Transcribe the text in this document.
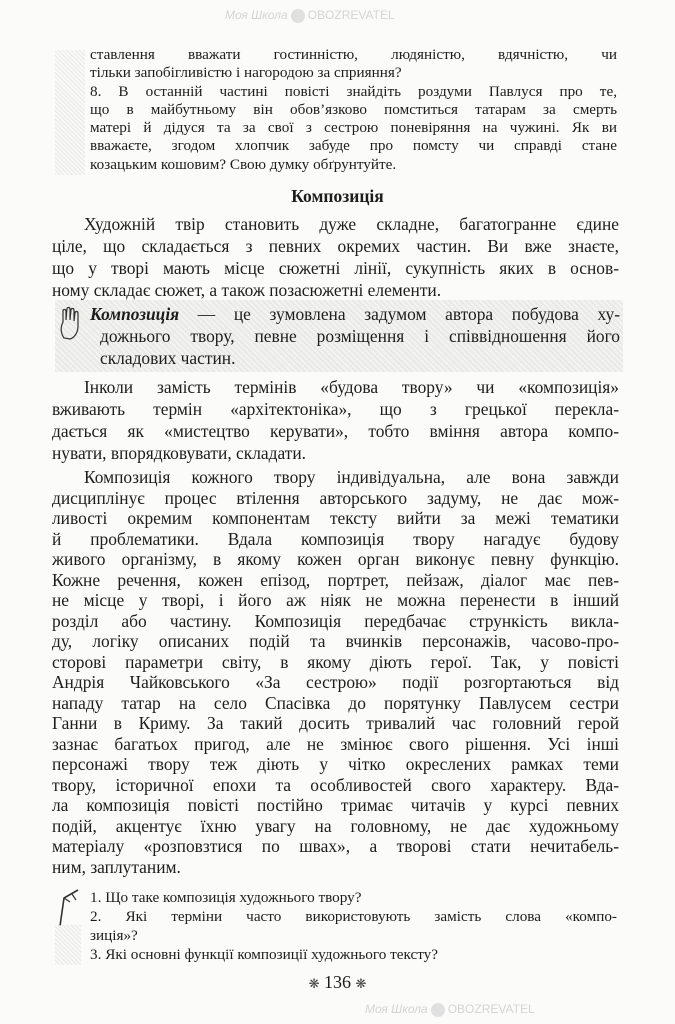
Моя Школа OBOZREVATEL
Моя Школа OBOZREVATEL
ставлення вважати гостинністю, людяністю, вдячністю, чи
тільки запобігливістю і нагородою за сприяння?
8. В останній частині повісті знайдіть роздуми Павлуся про те,
що в майбутньому він обов’язково помститься татарам за смерть
матері й дідуся та за свої з сестрою поневіряння на чужині. Як ви
вважаєте, згодом хлопчик забуде про помсту чи справді стане
козацьким кошовим? Свою думку обґрунтуйте.
Композиція
Художній твір становить дуже складне, багатогранне єдине
ціле, що складається з певних окремих частин. Ви вже знаєте,
що у творі мають місце сюжетні лінії, сукупність яких в основ-
ному складає сюжет, а також позасюжетні елементи.
Композиція — це зумовлена задумом автора побудова ху-
дожнього твору, певне розміщення і співвідношення його
складових частин.
Інколи замість термінів «будова твору» чи «композиція»
вживають термін «архітектоніка», що з грецької перекла-
дається як «мистецтво керувати», тобто вміння автора компо-
нувати, впорядковувати, складати.
Композиція кожного твору індивідуальна, але вона завжди
дисциплінує процес втілення авторського задуму, не дає мож-
ливості окремим компонентам тексту вийти за межі тематики
й проблематики. Вдала композиція твору нагадує будову
живого організму, в якому кожен орган виконує певну функцію.
Кожне речення, кожен епізод, портрет, пейзаж, діалог має пев-
не місце у творі, і його аж ніяк не можна перенести в інший
розділ або частину. Композиція передбачає стрункість викла-
ду, логіку описаних подій та вчинків персонажів, часово-про-
сторові параметри світу, в якому діють герої. Так, у повісті
Андрія Чайковського «За сестрою» події розгортаються від
нападу татар на село Спасівка до порятунку Павлусем сестри
Ганни в Криму. За такий досить тривалий час головний герой
зазнає багатьох пригод, але не змінює свого рішення. Усі інші
персонажі твору теж діють у чітко окреслених рамках теми
твору, історичної епохи та особливостей свого характеру. Вда-
ла композиція повісті постійно тримає читачів у курсі певних
подій, акцентує їхню увагу на головному, не дає художньому
матеріалу «розповзтися по швах», а творові стати нечитабель-
ним, заплутаним.
1. Що таке композиція художнього твору?
2. Які терміни часто використовують замість слова «компо-
зиція»?
3. Які основні функції композиції художнього тексту?
❋ 136 ❋
